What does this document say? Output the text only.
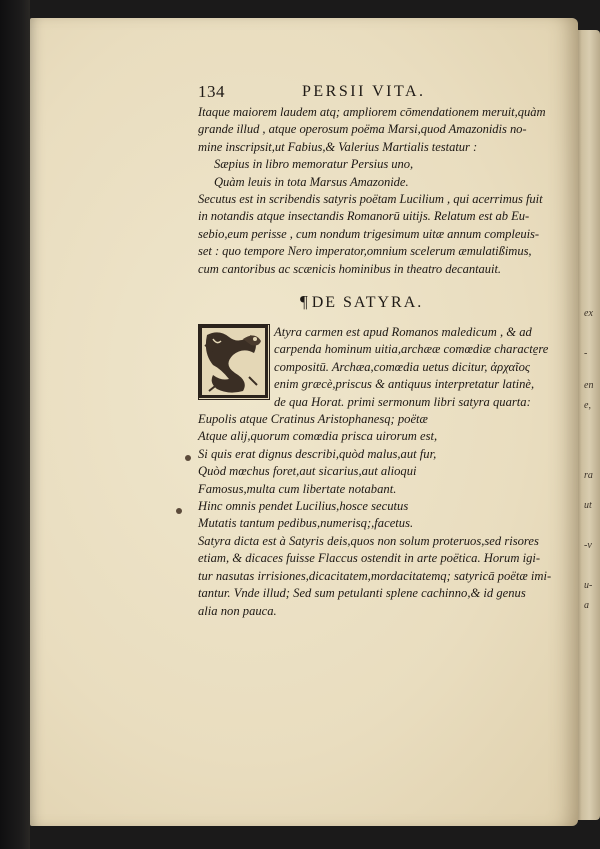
134	PERSII VITA.
Itaque maiorem laudem atq; ampliorem cōmendationem meruit,quàm
grande illud , atque operosum poëma Marsi,quod Amazonidis no-
mine inscripsit,ut Fabius,& Valerius Martialis testatur :
Sæpius in libro memoratur Persius uno,
Quàm leuis in tota Marsus Amazonide.
Secutus est in scribendis satyris poëtam Lucilium , qui acerrimus fuit
in notandis atque insectandis Romanorū uitijs. Relatum est ab Eu-
sebio,eum perisse , cum nondum trigesimum uitæ annum compleuis-
set : quo tempore Nero imperator,omnium scelerum æmulatißimus,
cum cantoribus ac scænicis hominibus in theatro decantauit.
¶ DE SATYRA.
Atyra carmen est apud Romanos maledicum , & ad
carpenda hominum uitia,archææ comœdiæ characte̱re
compositū. Archæa,comœdia uetus dicitur, ἀρχαῖος
enim græcè,priscus & antiquus interpretatur latinè,
de qua Horat. primi sermonum libri satyra quarta:
Eupolis atque Cratinus Aristophanesq; poëtæ
Atque alij,quorum comœdia prisca uirorum est,
Si quis erat dignus describi,quòd malus,aut fur,
Quòd mœchus foret,aut sicarius,aut alioqui
Famosus,multa cum libertate notabant.
Hinc omnis pendet Lucilius,hosce secutus
Mutatis tantum pedibus,numerisq;,facetus.
Satyra dicta est à Satyris deis,quos non solum proteruos,sed risores
etiam, & dicaces fuisse Flaccus ostendit in arte poëtica. Horum igi-
tur nasutas irrisiones,dicacitatem,mordacitatemq; satyricā poëtæ imi-
tantur. Vnde illud; Sed sum petulanti splene cachinno,& id genus
alia non pauca.
ex
-
en
e,
ra
ut
-v
u-
a
